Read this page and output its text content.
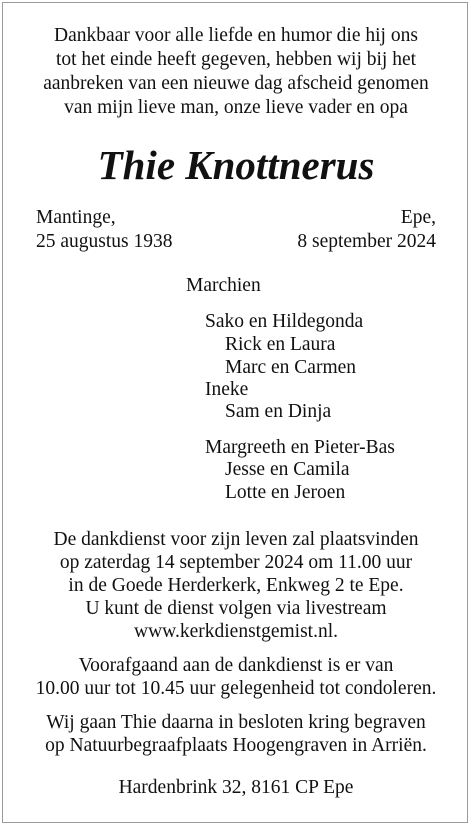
Dankbaar voor alle liefde en humor die hij ons
tot het einde heeft gegeven, hebben wij bij het
aanbreken van een nieuwe dag afscheid genomen
van mijn lieve man, onze lieve vader en opa
Thie Knottnerus
Mantinge,
25 augustus 1938
Epe,
8 september 2024
Marchien
Sako en Hildegonda
Rick en Laura
Marc en Carmen
Ineke
Sam en Dinja
Margreeth en Pieter-Bas
Jesse en Camila
Lotte en Jeroen
De dankdienst voor zijn leven zal plaatsvinden
op zaterdag 14 september 2024 om 11.00 uur
in de Goede Herderkerk, Enkweg 2 te Epe.
U kunt de dienst volgen via livestream
www.kerkdienstgemist.nl.
Voorafgaand aan de dankdienst is er van
10.00 uur tot 10.45 uur gelegenheid tot condoleren.
Wij gaan Thie daarna in besloten kring begraven
op Natuurbegraafplaats Hoogengraven in Arriën.
Hardenbrink 32, 8161 CP Epe
